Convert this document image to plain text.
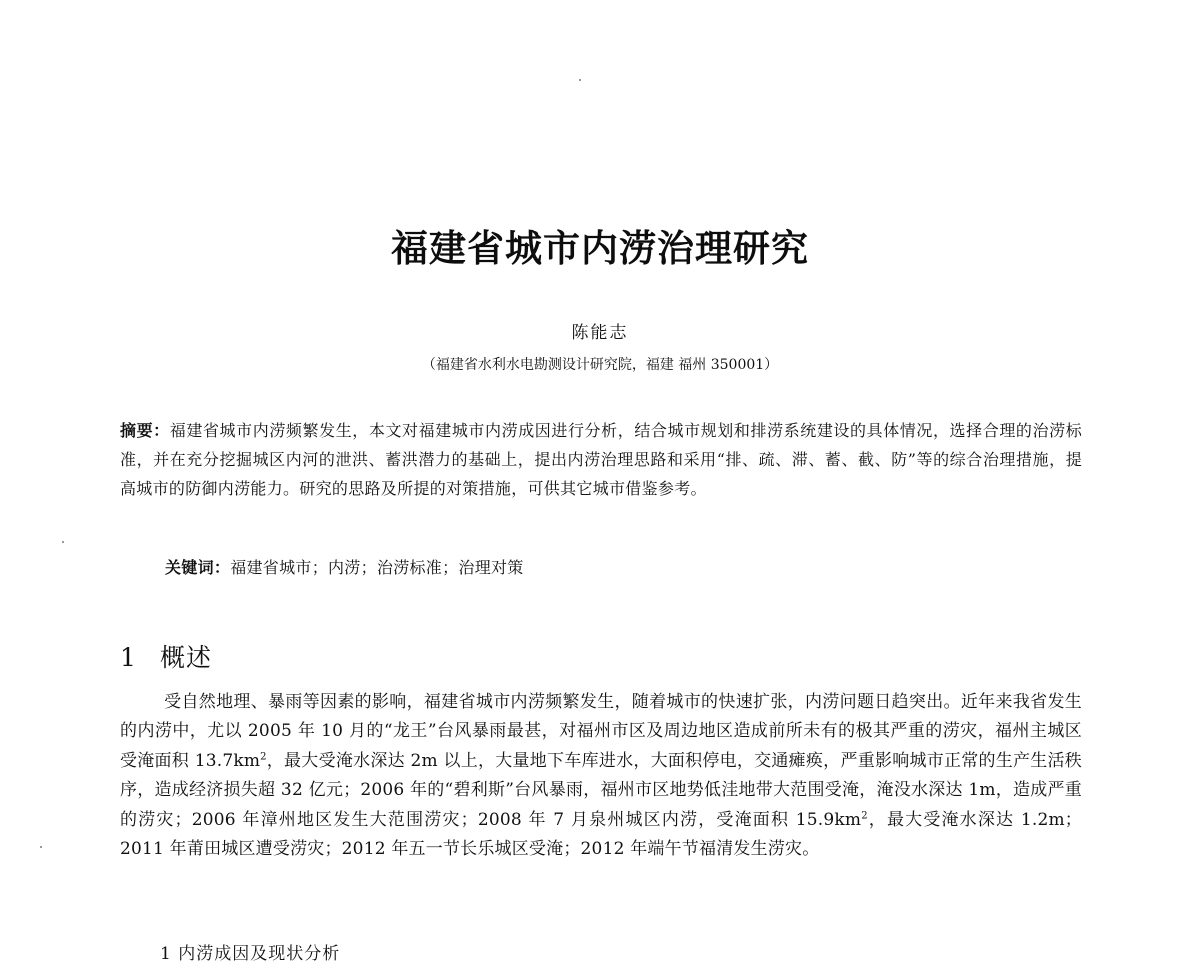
福建省城市内涝治理研究
陈能志
（福建省水利水电勘测设计研究院，福建 福州 350001）
摘要：福建省城市内涝频繁发生，本文对福建城市内涝成因进行分析，结合城市规划和排涝系统建设的具体情况，选择合理的治涝标准，并在充分挖掘城区内河的泄洪、蓄洪潜力的基础上，提出内涝治理思路和采用“排、疏、滞、蓄、截、防”等的综合治理措施，提高城市的防御内涝能力。研究的思路及所提的对策措施，可供其它城市借鉴参考。
关键词：福建省城市；内涝；治涝标准；治理对策
1 概述
受自然地理、暴雨等因素的影响，福建省城市内涝频繁发生，随着城市的快速扩张，内涝问题日趋突出。近年来我省发生的内涝中，尤以 2005 年 10 月的“龙王”台风暴雨最甚，对福州市区及周边地区造成前所未有的极其严重的涝灾，福州主城区受淹面积 $13.7km^2$，最大受淹水深达 2m 以上，大量地下车库进水，大面积停电，交通瘫痪，严重影响城市正常的生产生活秩序，造成经济损失超 32 亿元；2006 年的“碧利斯”台风暴雨，福州市区地势低洼地带大范围受淹，淹没水深达 1m，造成严重的涝灾；2006 年漳州地区发生大范围涝灾；2008 年 7 月泉州城区内涝，受淹面积 $15.9km^2$，最大受淹水深达 1.2m；2011 年莆田城区遭受涝灾；2012 年五一节长乐城区受淹；2012 年端午节福清发生涝灾。
1 内涝成因及现状分析
